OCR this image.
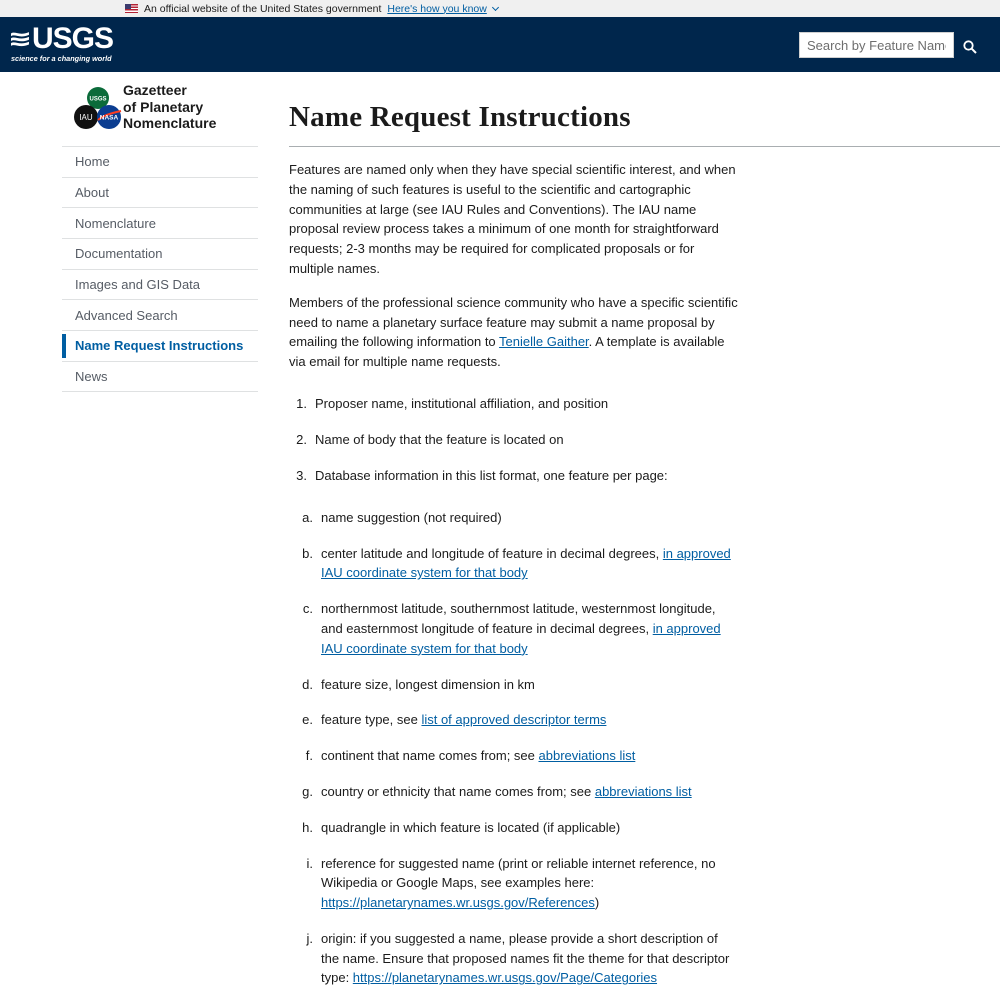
An official website of the United States government Here's how you know
USGS
science for a changing world
Search by Feature Name
USGS
IAU NASA
Gazetteer
of Planetary
Nomenclature
Home
About
Nomenclature
Documentation
Images and GIS Data
Advanced Search
Name Request Instructions
News
Name Request Instructions

Features are named only when they have special scientific interest, and when the naming of such features is useful to the scientific and cartographic communities at large (see IAU Rules and Conventions). The IAU name proposal review process takes a minimum of one month for straightforward requests; 2-3 months may be required for complicated proposals or for multiple names.

Members of the professional science community who have a specific scientific need to name a planetary surface feature may submit a name proposal by emailing the following information to Tenielle Gaither. A template is available via email for multiple name requests.

1. Proposer name, institutional affiliation, and position
2. Name of body that the feature is located on
3. Database information in this list format, one feature per page:
a. name suggestion (not required)
b. center latitude and longitude of feature in decimal degrees, in approved IAU coordinate system for that body
c. northernmost latitude, southernmost latitude, westernmost longitude, and easternmost longitude of feature in decimal degrees, in approved IAU coordinate system for that body
d. feature size, longest dimension in km
e. feature type, see list of approved descriptor terms
f. continent that name comes from; see abbreviations list
g. country or ethnicity that name comes from; see abbreviations list
h. quadrangle in which feature is located (if applicable)
i. reference for suggested name (print or reliable internet reference, no Wikipedia or Google Maps, see examples here: https://planetarynames.wr.usgs.gov/References)
j. origin: if you suggested a name, please provide a short description of the name. Ensure that proposed names fit the theme for that descriptor type: https://planetarynames.wr.usgs.gov/Page/Categories
